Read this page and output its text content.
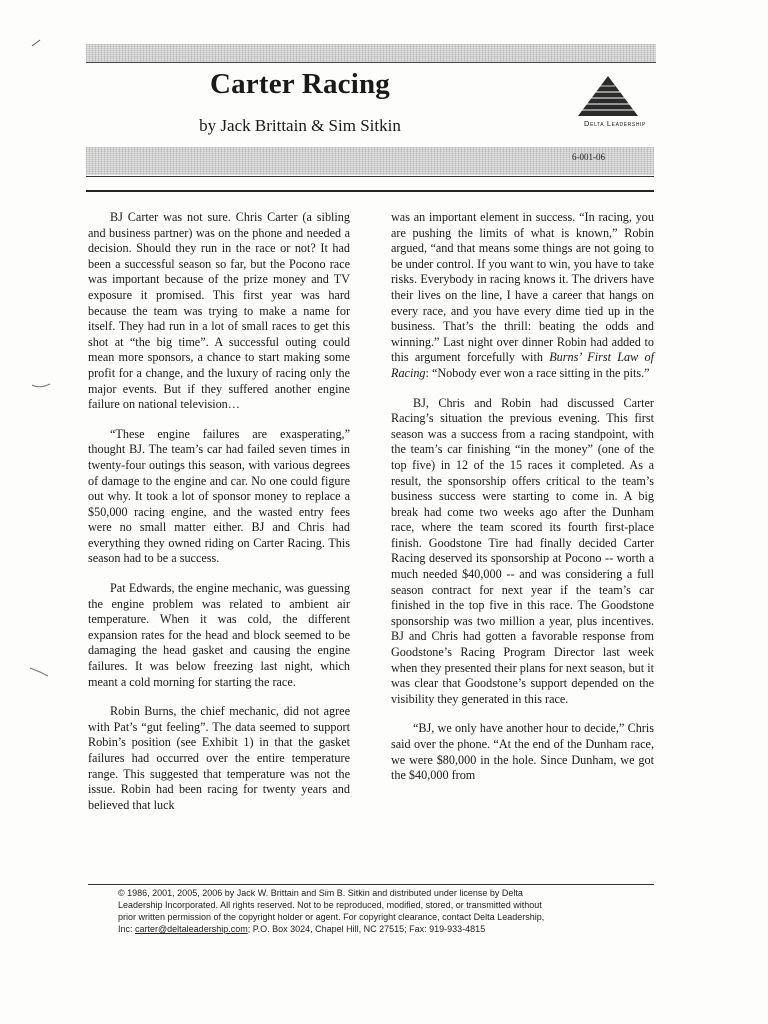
Carter Racing
by Jack Brittain & Sim Sitkin	Delta Leadership
6-001-06

BJ Carter was not sure. Chris Carter (a sibling and business partner) was on the phone and needed a decision. Should they run in the race or not? It had been a successful season so far, but the Pocono race was important because of the prize money and TV exposure it promised. This first year was hard because the team was trying to make a name for itself. They had run in a lot of small races to get this shot at “the big time”. A successful outing could mean more sponsors, a chance to start making some profit for a change, and the luxury of racing only the major events. But if they suffered another engine failure on national television…

“These engine failures are exasperating,” thought BJ. The team’s car had failed seven times in twenty-four outings this season, with various degrees of damage to the engine and car. No one could figure out why. It took a lot of sponsor money to replace a $50,000 racing engine, and the wasted entry fees were no small matter either. BJ and Chris had everything they owned riding on Carter Racing. This season had to be a success.

Pat Edwards, the engine mechanic, was guessing the engine problem was related to ambient air temperature. When it was cold, the different expansion rates for the head and block seemed to be damaging the head gasket and causing the engine failures. It was below freezing last night, which meant a cold morning for starting the race.

Robin Burns, the chief mechanic, did not agree with Pat’s “gut feeling”. The data seemed to support Robin’s position (see Exhibit 1) in that the gasket failures had occurred over the entire temperature range. This suggested that temperature was not the issue. Robin had been racing for twenty years and believed that luck

was an important element in success. “In racing, you are pushing the limits of what is known,” Robin argued, “and that means some things are not going to be under control. If you want to win, you have to take risks. Everybody in racing knows it. The drivers have their lives on the line, I have a career that hangs on every race, and you have every dime tied up in the business. That’s the thrill: beating the odds and winning.” Last night over dinner Robin had added to this argument forcefully with Burns’ First Law of Racing: “Nobody ever won a race sitting in the pits.”

BJ, Chris and Robin had discussed Carter Racing’s situation the previous evening. This first season was a success from a racing standpoint, with the team’s car finishing “in the money” (one of the top five) in 12 of the 15 races it completed. As a result, the sponsorship offers critical to the team’s business success were starting to come in. A big break had come two weeks ago after the Dunham race, where the team scored its fourth first-place finish. Goodstone Tire had finally decided Carter Racing deserved its sponsorship at Pocono -- worth a much needed $40,000 -- and was considering a full season contract for next year if the team’s car finished in the top five in this race. The Goodstone sponsorship was two million a year, plus incentives. BJ and Chris had gotten a favorable response from Goodstone’s Racing Program Director last week when they presented their plans for next season, but it was clear that Goodstone’s support depended on the visibility they generated in this race.

“BJ, we only have another hour to decide,” Chris said over the phone. “At the end of the Dunham race, we were $80,000 in the hole. Since Dunham, we got the $40,000 from

© 1986, 2001, 2005, 2006 by Jack W. Brittain and Sim B. Sitkin and distributed under license by Delta
Leadership Incorporated. All rights reserved. Not to be reproduced, modified, stored, or transmitted without
prior written permission of the copyright holder or agent. For copyright clearance, contact Delta Leadership,
Inc: carter@deltaleadership.com; P.O. Box 3024, Chapel Hill, NC 27515; Fax: 919-933-4815
